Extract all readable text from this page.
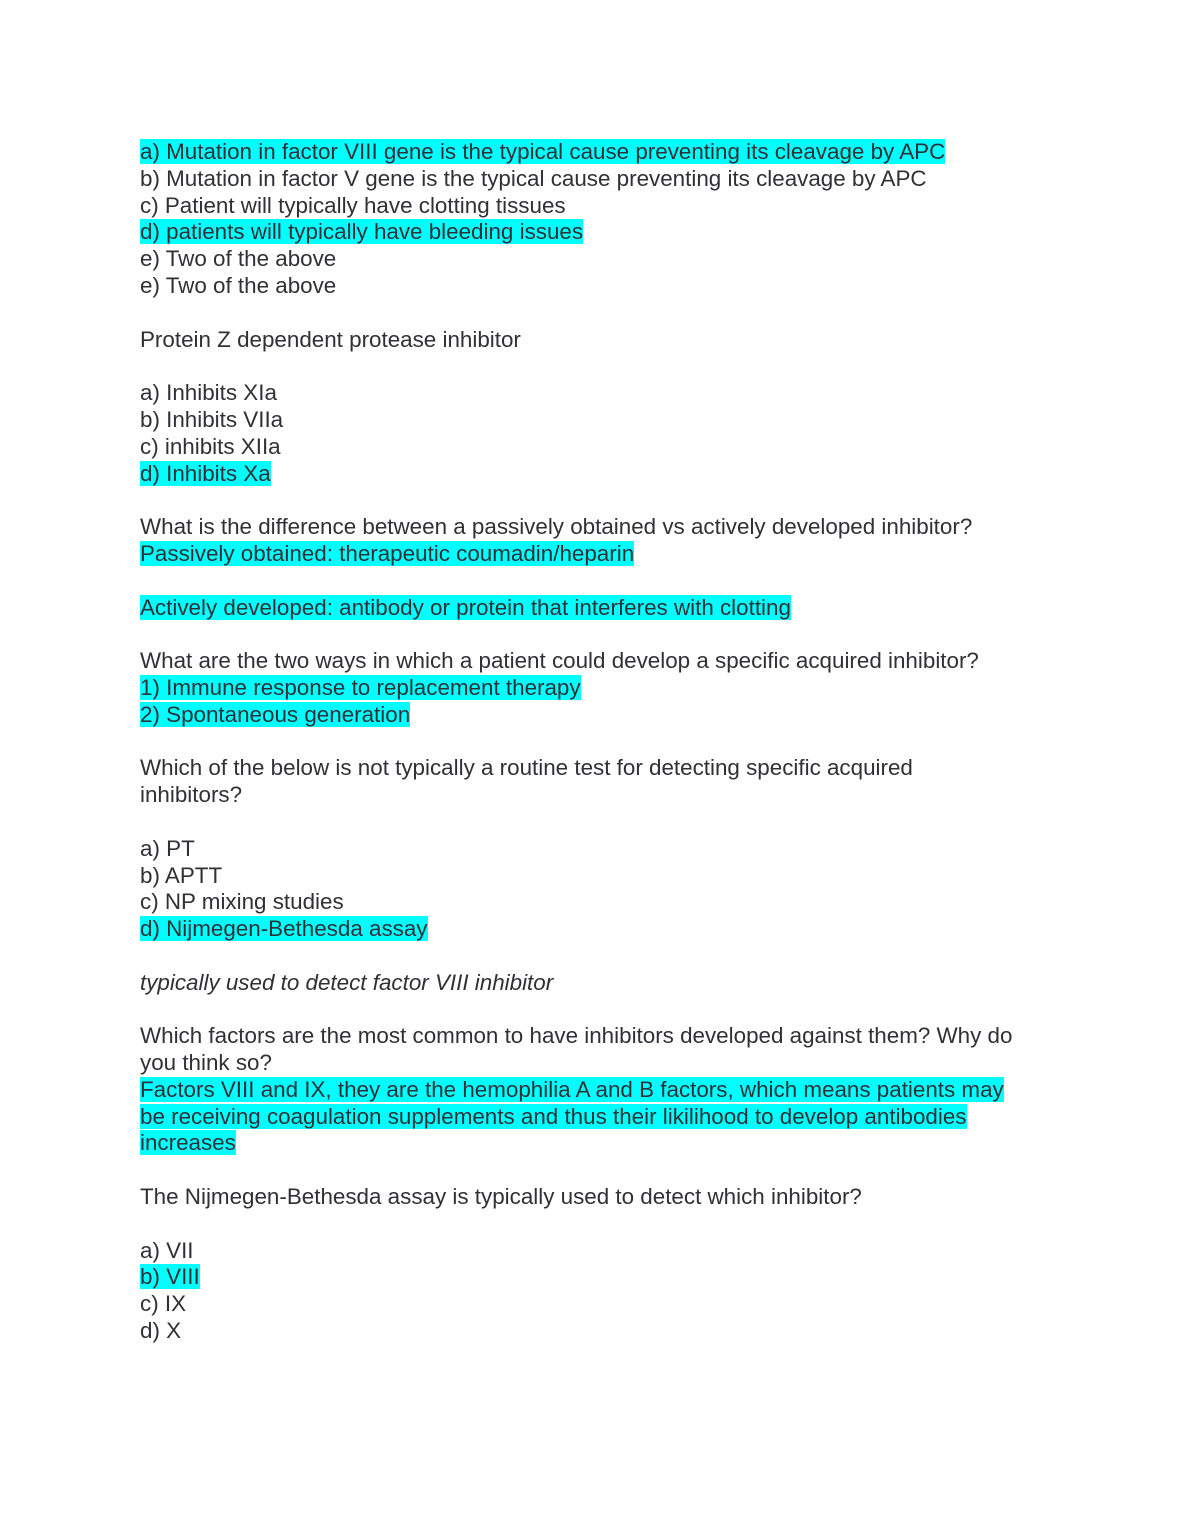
a) Mutation in factor VIII gene is the typical cause preventing its cleavage by APC

b) Mutation in factor V gene is the typical cause preventing its cleavage by APC

c) Patient will typically have clotting tissues

d) patients will typically have bleeding issues

e) Two of the above

e) Two of the above

Protein Z dependent protease inhibitor

a) Inhibits XIa

b) Inhibits VIIa

c) inhibits XIIa

d) Inhibits Xa

What is the difference between a passively obtained vs actively developed inhibitor?

Passively obtained: therapeutic coumadin/heparin

Actively developed: antibody or protein that interferes with clotting

What are the two ways in which a patient could develop a specific acquired inhibitor?

1) Immune response to replacement therapy

2) Spontaneous generation

Which of the below is not typically a routine test for detecting specific acquired

inhibitors?

a) PT

b) APTT

c) NP mixing studies

d) Nijmegen-Bethesda assay

typically used to detect factor VIII inhibitor

Which factors are the most common to have inhibitors developed against them? Why do

you think so?

Factors VIII and IX, they are the hemophilia A and B factors, which means patients may

be receiving coagulation supplements and thus their likilihood to develop antibodies

increases

The Nijmegen-Bethesda assay is typically used to detect which inhibitor?

a) VII

b) VIII

c) IX

d) X
